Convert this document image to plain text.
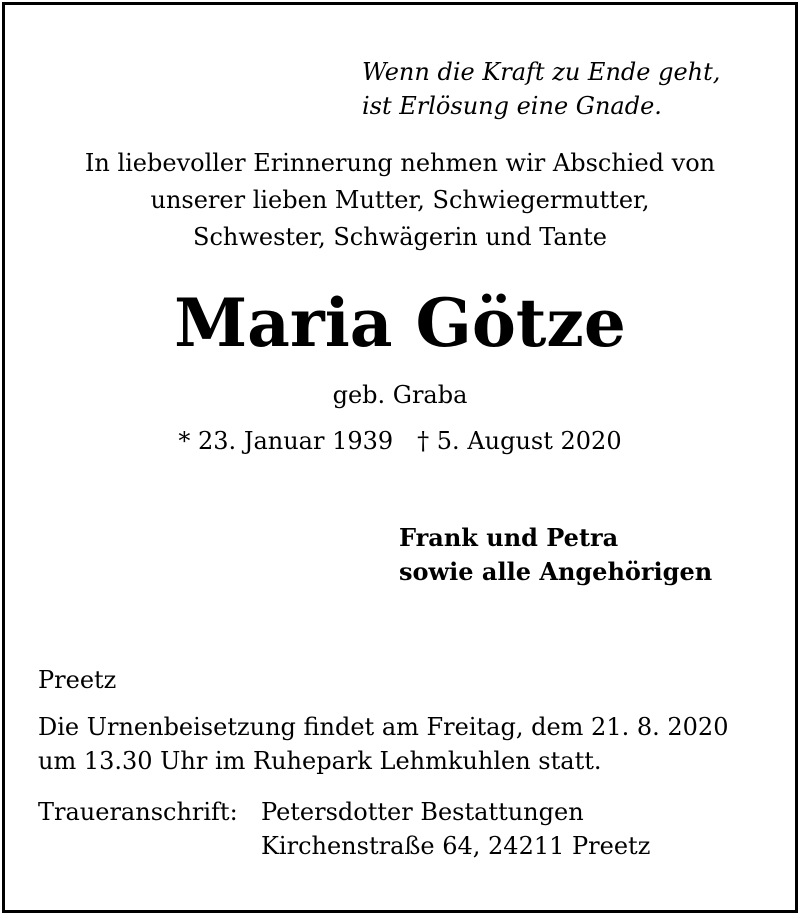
Wenn die Kraft zu Ende geht,
ist Erlösung eine Gnade.
In liebevoller Erinnerung nehmen wir Abschied von
unserer lieben Mutter, Schwiegermutter,
Schwester, Schwägerin und Tante
Maria Götze
geb. Graba
* 23. Januar 1939 † 5. August 2020
Frank und Petra
sowie alle Angehörigen
Preetz
Die Urnenbeisetzung findet am Freitag, dem 21. 8. 2020
um 13.30 Uhr im Ruhepark Lehmkuhlen statt.
Traueranschrift: Petersdotter Bestattungen
Kirchenstraße 64, 24211 Preetz
